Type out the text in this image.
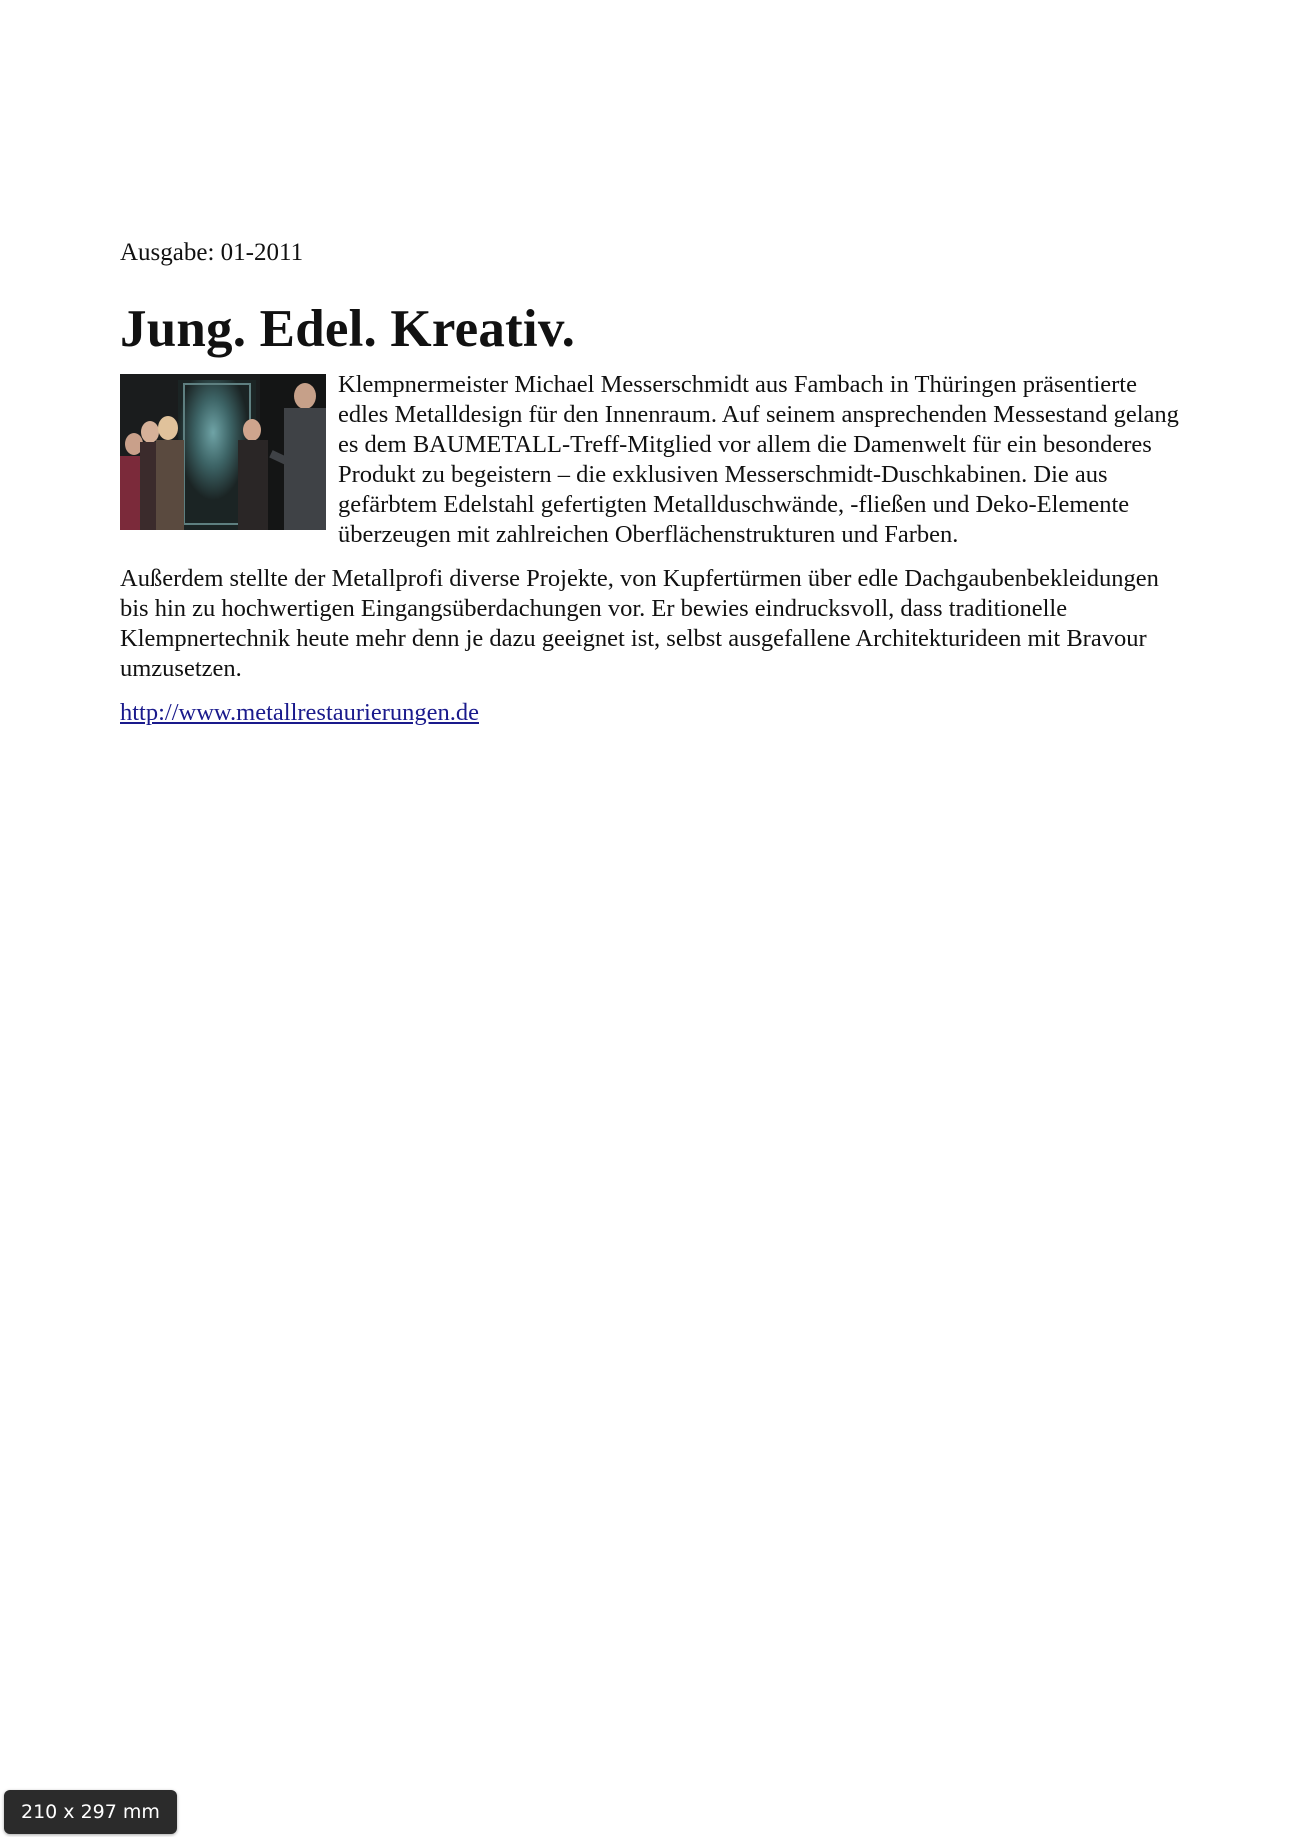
Ausgabe: 01-2011
Jung. Edel. Kreativ.

Klempnermeister Michael Messerschmidt aus Fambach in Thüringen präsentierte edles Metalldesign für den Innenraum. Auf seinem ansprechenden Messestand gelang es dem BAUMETALL-Treff-Mitglied vor allem die Damenwelt für ein besonderes Produkt zu begeistern – die exklusiven Messerschmidt-Duschkabinen. Die aus gefärbtem Edelstahl gefertigten Metallduschwände, -fließen und Deko-Elemente überzeugen mit zahlreichen Oberflächenstrukturen und Farben.

Außerdem stellte der Metallprofi diverse Projekte, von Kupfertürmen über edle Dachgaubenbekleidungen bis hin zu hochwertigen Eingangsüberdachungen vor. Er bewies eindrucksvoll, dass traditionelle Klempnertechnik heute mehr denn je dazu geeignet ist, selbst ausgefallene Architekturideen mit Bravour umzusetzen.

http://www.metallrestaurierungen.de
210 x 297 mm
